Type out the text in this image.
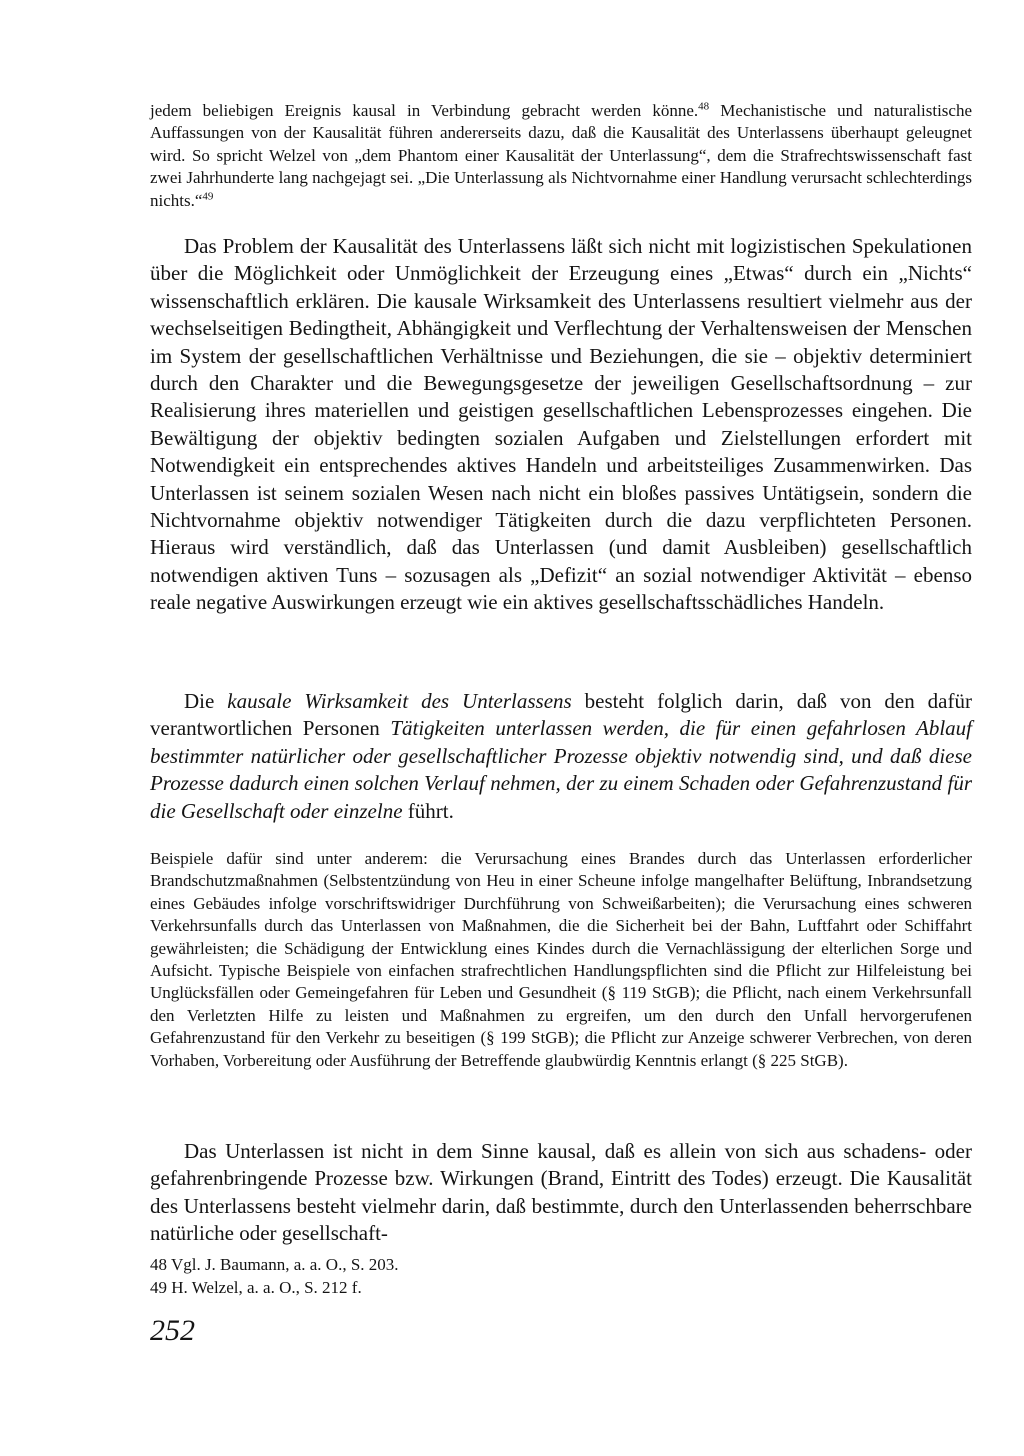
jedem beliebigen Ereignis kausal in Verbindung gebracht werden könne.$^{48}$ Mechanistische und naturalistische Auffassungen von der Kausalität führen andererseits dazu, daß die Kausalität des Unterlassens überhaupt geleugnet wird. So spricht Welzel von „dem Phantom einer Kausalität der Unterlassung“, dem die Strafrechtswissenschaft fast zwei Jahrhunderte lang nachgejagt sei. „Die Unterlassung als Nichtvornahme einer Handlung verursacht schlechterdings nichts.“$^{49}$
Das Problem der Kausalität des Unterlassens läßt sich nicht mit logizistischen Spekulationen über die Möglichkeit oder Unmöglichkeit der Erzeugung eines „Etwas“ durch ein „Nichts“ wissenschaftlich erklären. Die kausale Wirksamkeit des Unterlassens resultiert vielmehr aus der wechselseitigen Bedingtheit, Abhängigkeit und Verflechtung der Verhaltensweisen der Menschen im System der gesellschaftlichen Verhältnisse und Beziehungen, die sie – objektiv determiniert durch den Charakter und die Bewegungsgesetze der jeweiligen Gesellschaftsordnung – zur Realisierung ihres materiellen und geistigen gesellschaftlichen Lebensprozesses eingehen. Die Bewältigung der objektiv bedingten sozialen Aufgaben und Zielstellungen erfordert mit Notwendigkeit ein entsprechendes aktives Handeln und arbeitsteiliges Zusammenwirken. Das Unterlassen ist seinem sozialen Wesen nach nicht ein bloßes passives Untätigsein, sondern die Nichtvornahme objektiv notwendiger Tätigkeiten durch die dazu verpflichteten Personen. Hieraus wird verständlich, daß das Unterlassen (und damit Ausbleiben) gesellschaftlich notwendigen aktiven Tuns – sozusagen als „Defizit“ an sozial notwendiger Aktivität – ebenso reale negative Auswirkungen erzeugt wie ein aktives gesellschaftsschädliches Handeln.
Die kausale Wirksamkeit des Unterlassens besteht folglich darin, daß von den dafür verantwortlichen Personen Tätigkeiten unterlassen werden, die für einen gefahrlosen Ablauf bestimmter natürlicher oder gesellschaftlicher Prozesse objektiv notwendig sind, und daß diese Prozesse dadurch einen solchen Verlauf nehmen, der zu einem Schaden oder Gefahrenzustand für die Gesellschaft oder einzelne führt.
Beispiele dafür sind unter anderem: die Verursachung eines Brandes durch das Unterlassen erforderlicher Brandschutzmaßnahmen (Selbstentzündung von Heu in einer Scheune infolge mangelhafter Belüftung, Inbrandsetzung eines Gebäudes infolge vorschriftswidriger Durchführung von Schweißarbeiten); die Verursachung eines schweren Verkehrsunfalls durch das Unterlassen von Maßnahmen, die die Sicherheit bei der Bahn, Luftfahrt oder Schiffahrt gewährleisten; die Schädigung der Entwicklung eines Kindes durch die Vernachlässigung der elterlichen Sorge und Aufsicht. Typische Beispiele von einfachen strafrechtlichen Handlungspflichten sind die Pflicht zur Hilfeleistung bei Unglücksfällen oder Gemeingefahren für Leben und Gesundheit (§ 119 StGB); die Pflicht, nach einem Verkehrsunfall den Verletzten Hilfe zu leisten und Maßnahmen zu ergreifen, um den durch den Unfall hervorgerufenen Gefahrenzustand für den Verkehr zu beseitigen (§ 199 StGB); die Pflicht zur Anzeige schwerer Verbrechen, von deren Vorhaben, Vorbereitung oder Ausführung der Betreffende glaubwürdig Kenntnis erlangt (§ 225 StGB).
Das Unterlassen ist nicht in dem Sinne kausal, daß es allein von sich aus schadens- oder gefahrenbringende Prozesse bzw. Wirkungen (Brand, Eintritt des Todes) erzeugt. Die Kausalität des Unterlassens besteht vielmehr darin, daß bestimmte, durch den Unterlassenden beherrschbare natürliche oder gesellschaft-
48 Vgl. J. Baumann, a. a. O., S. 203.
49 H. Welzel, a. a. O., S. 212 f.
252
